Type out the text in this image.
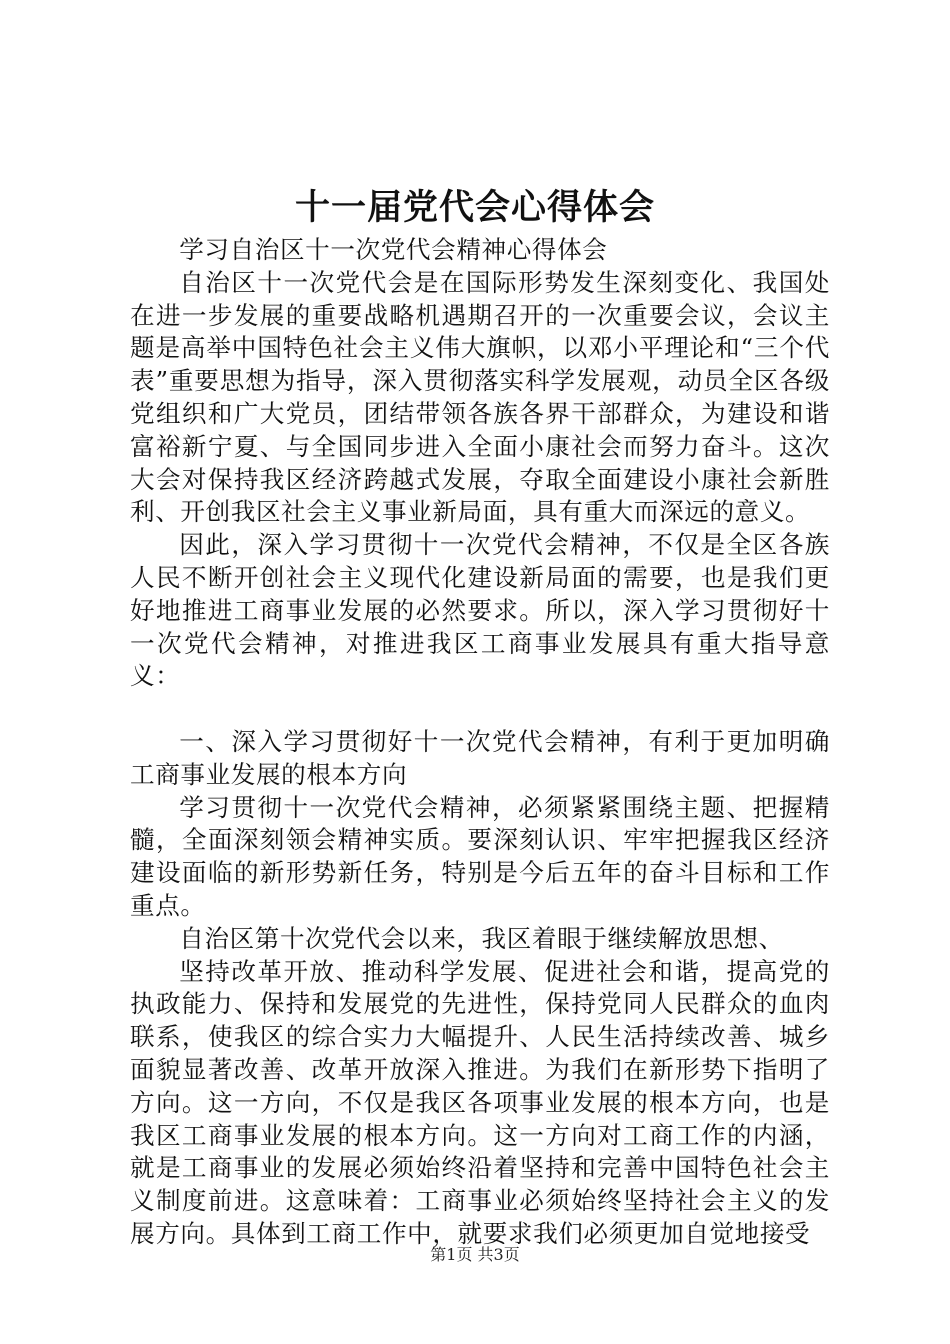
十一届党代会心得体会

学习自治区十一次党代会精神心得体会

自治区十一次党代会是在国际形势发生深刻变化、我国处在进一步发展的重要战略机遇期召开的一次重要会议，会议主题是高举中国特色社会主义伟大旗帜，以邓小平理论和“三个代表”重要思想为指导，深入贯彻落实科学发展观，动员全区各级党组织和广大党员，团结带领各族各界干部群众，为建设和谐富裕新宁夏、与全国同步进入全面小康社会而努力奋斗。这次大会对保持我区经济跨越式发展，夺取全面建设小康社会新胜利、开创我区社会主义事业新局面，具有重大而深远的意义。

因此，深入学习贯彻十一次党代会精神，不仅是全区各族人民不断开创社会主义现代化建设新局面的需要，也是我们更好地推进工商事业发展的必然要求。所以，深入学习贯彻好十一次党代会精神，对推进我区工商事业发展具有重大指导意义：

一、深入学习贯彻好十一次党代会精神，有利于更加明确工商事业发展的根本方向

学习贯彻十一次党代会精神，必须紧紧围绕主题、把握精髓，全面深刻领会精神实质。要深刻认识、牢牢把握我区经济建设面临的新形势新任务，特别是今后五年的奋斗目标和工作重点。

自治区第十次党代会以来，我区着眼于继续解放思想、

坚持改革开放、推动科学发展、促进社会和谐，提高党的执政能力、保持和发展党的先进性，保持党同人民群众的血肉联系，使我区的综合实力大幅提升、人民生活持续改善、城乡面貌显著改善、改革开放深入推进。为我们在新形势下指明了方向。这一方向，不仅是我区各项事业发展的根本方向，也是我区工商事业发展的根本方向。这一方向对工商工作的内涵，就是工商事业的发展必须始终沿着坚持和完善中国特色社会主义制度前进。这意味着：工商事业必须始终坚持社会主义的发展方向。具体到工商工作中，就要求我们必须更加自觉地接受

第1页 共3页
